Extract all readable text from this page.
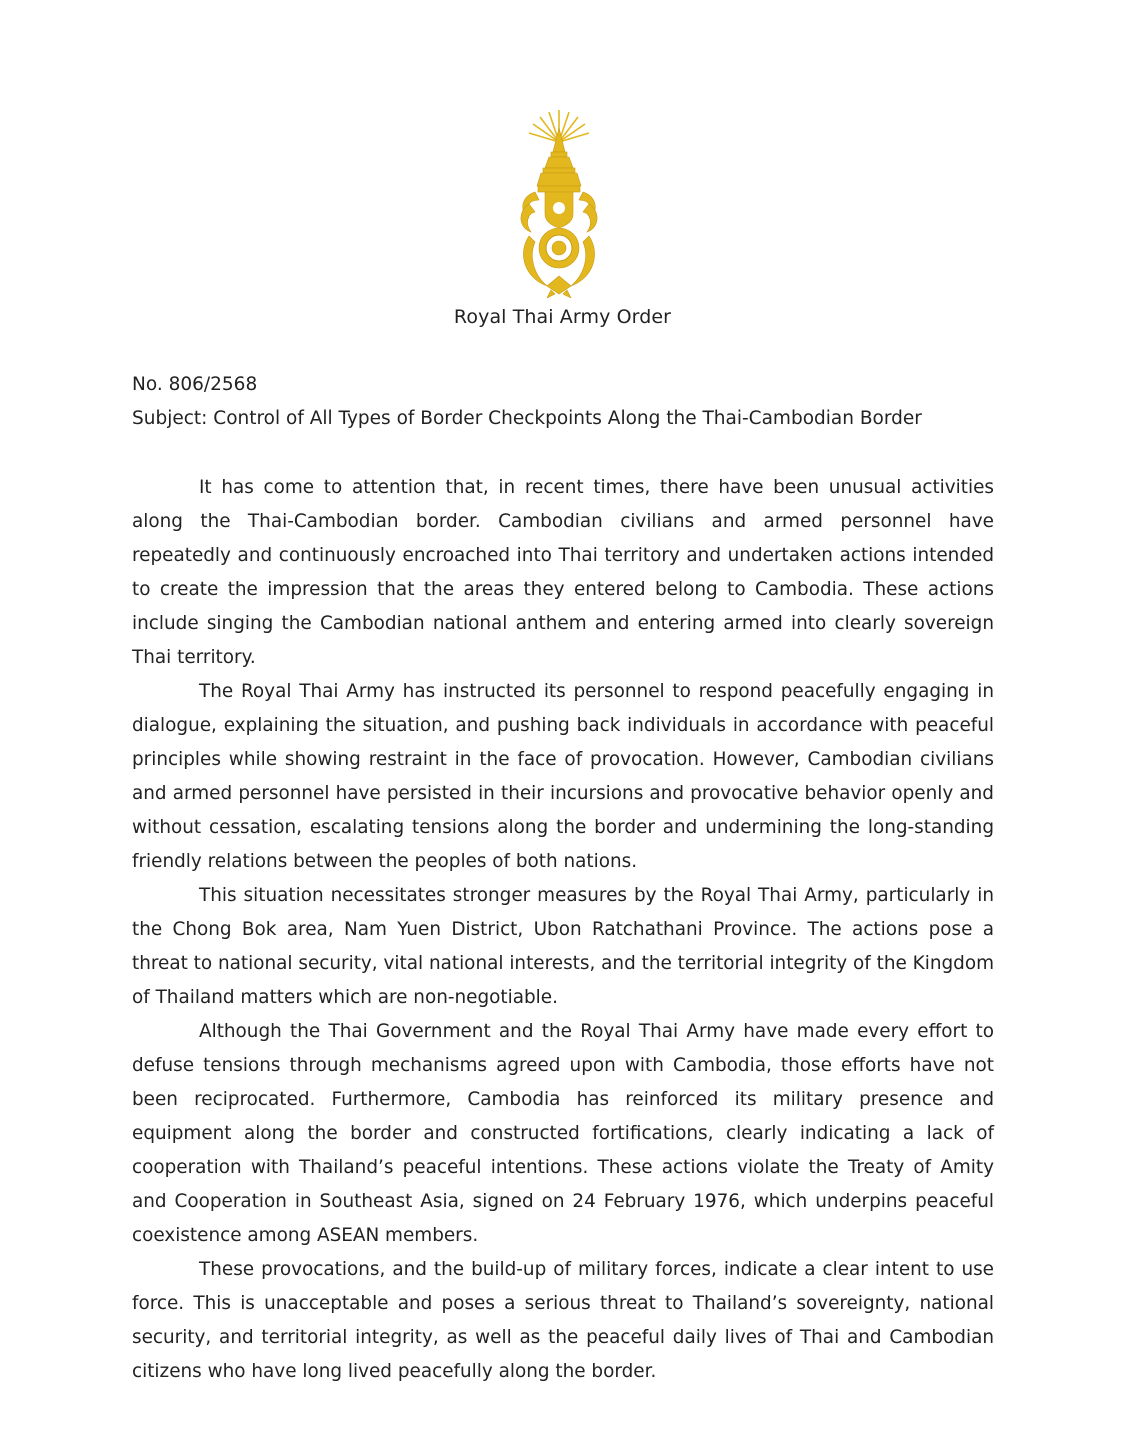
Royal Thai Army Order
No. 806/2568
Subject: Control of All Types of Border Checkpoints Along the Thai-Cambodian Border

It has come to attention that, in recent times, there have been unusual activities along the Thai-Cambodian border. Cambodian civilians and armed personnel have repeatedly and continuously encroached into Thai territory and undertaken actions intended to create the impression that the areas they entered belong to Cambodia. These actions include singing the Cambodian national anthem and entering armed into clearly sovereign Thai territory.

The Royal Thai Army has instructed its personnel to respond peacefully engaging in dialogue, explaining the situation, and pushing back individuals in accordance with peaceful principles while showing restraint in the face of provocation. However, Cambodian civilians and armed personnel have persisted in their incursions and provocative behavior openly and without cessation, escalating tensions along the border and undermining the long-standing friendly relations between the peoples of both nations.

This situation necessitates stronger measures by the Royal Thai Army, particularly in the Chong Bok area, Nam Yuen District, Ubon Ratchathani Province. The actions pose a threat to national security, vital national interests, and the territorial integrity of the Kingdom of Thailand matters which are non-negotiable.

Although the Thai Government and the Royal Thai Army have made every effort to defuse tensions through mechanisms agreed upon with Cambodia, those efforts have not been reciprocated. Furthermore, Cambodia has reinforced its military presence and equipment along the border and constructed fortifications, clearly indicating a lack of cooperation with Thailand’s peaceful intentions. These actions violate the Treaty of Amity and Cooperation in Southeast Asia, signed on 24 February 1976, which underpins peaceful coexistence among ASEAN members.

These provocations, and the build-up of military forces, indicate a clear intent to use force. This is unacceptable and poses a serious threat to Thailand’s sovereignty, national security, and territorial integrity, as well as the peaceful daily lives of Thai and Cambodian citizens who have long lived peacefully along the border.
